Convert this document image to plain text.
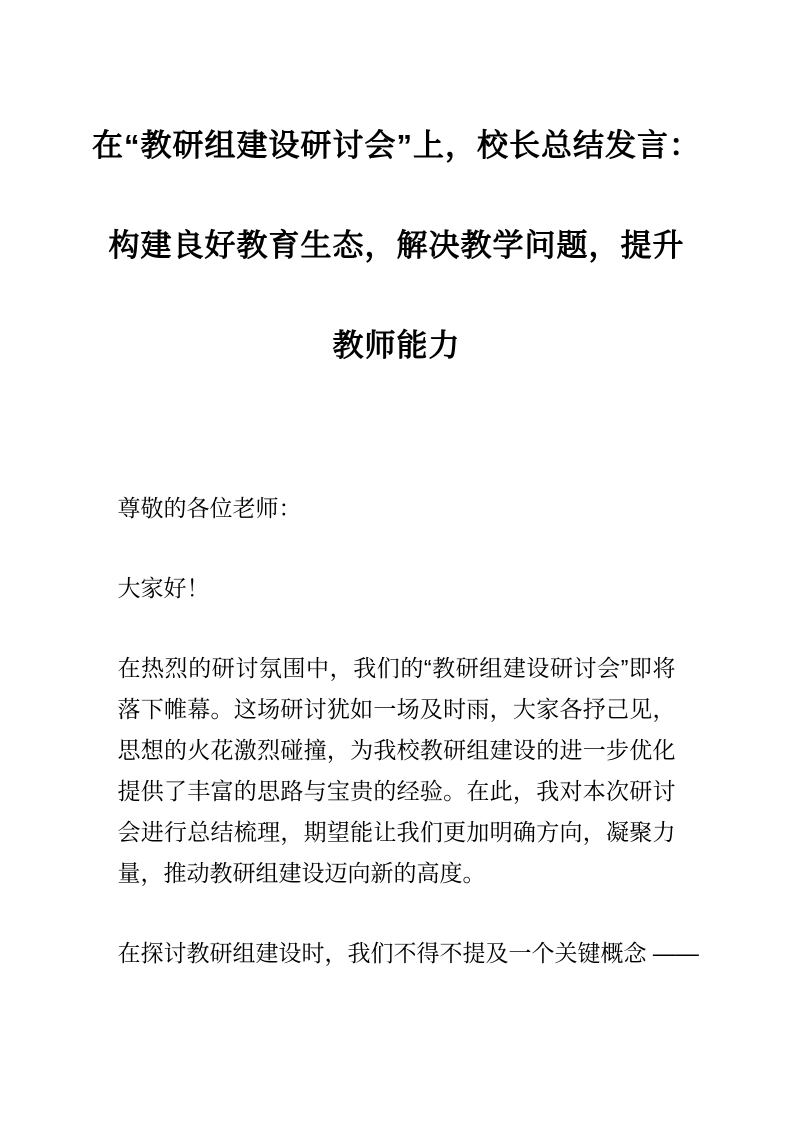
在“教研组建设研讨会”上，校长总结发言：
构建良好教育生态，解决教学问题，提升
教师能力

尊敬的各位老师：

大家好！

在热烈的研讨氛围中，我们的“教研组建设研讨会”即将落下帷幕。这场研讨犹如一场及时雨，大家各抒己见，思想的火花激烈碰撞，为我校教研组建设的进一步优化提供了丰富的思路与宝贵的经验。在此，我对本次研讨会进行总结梳理，期望能让我们更加明确方向，凝聚力量，推动教研组建设迈向新的高度。

在探讨教研组建设时，我们不得不提及一个关键概念 ——
